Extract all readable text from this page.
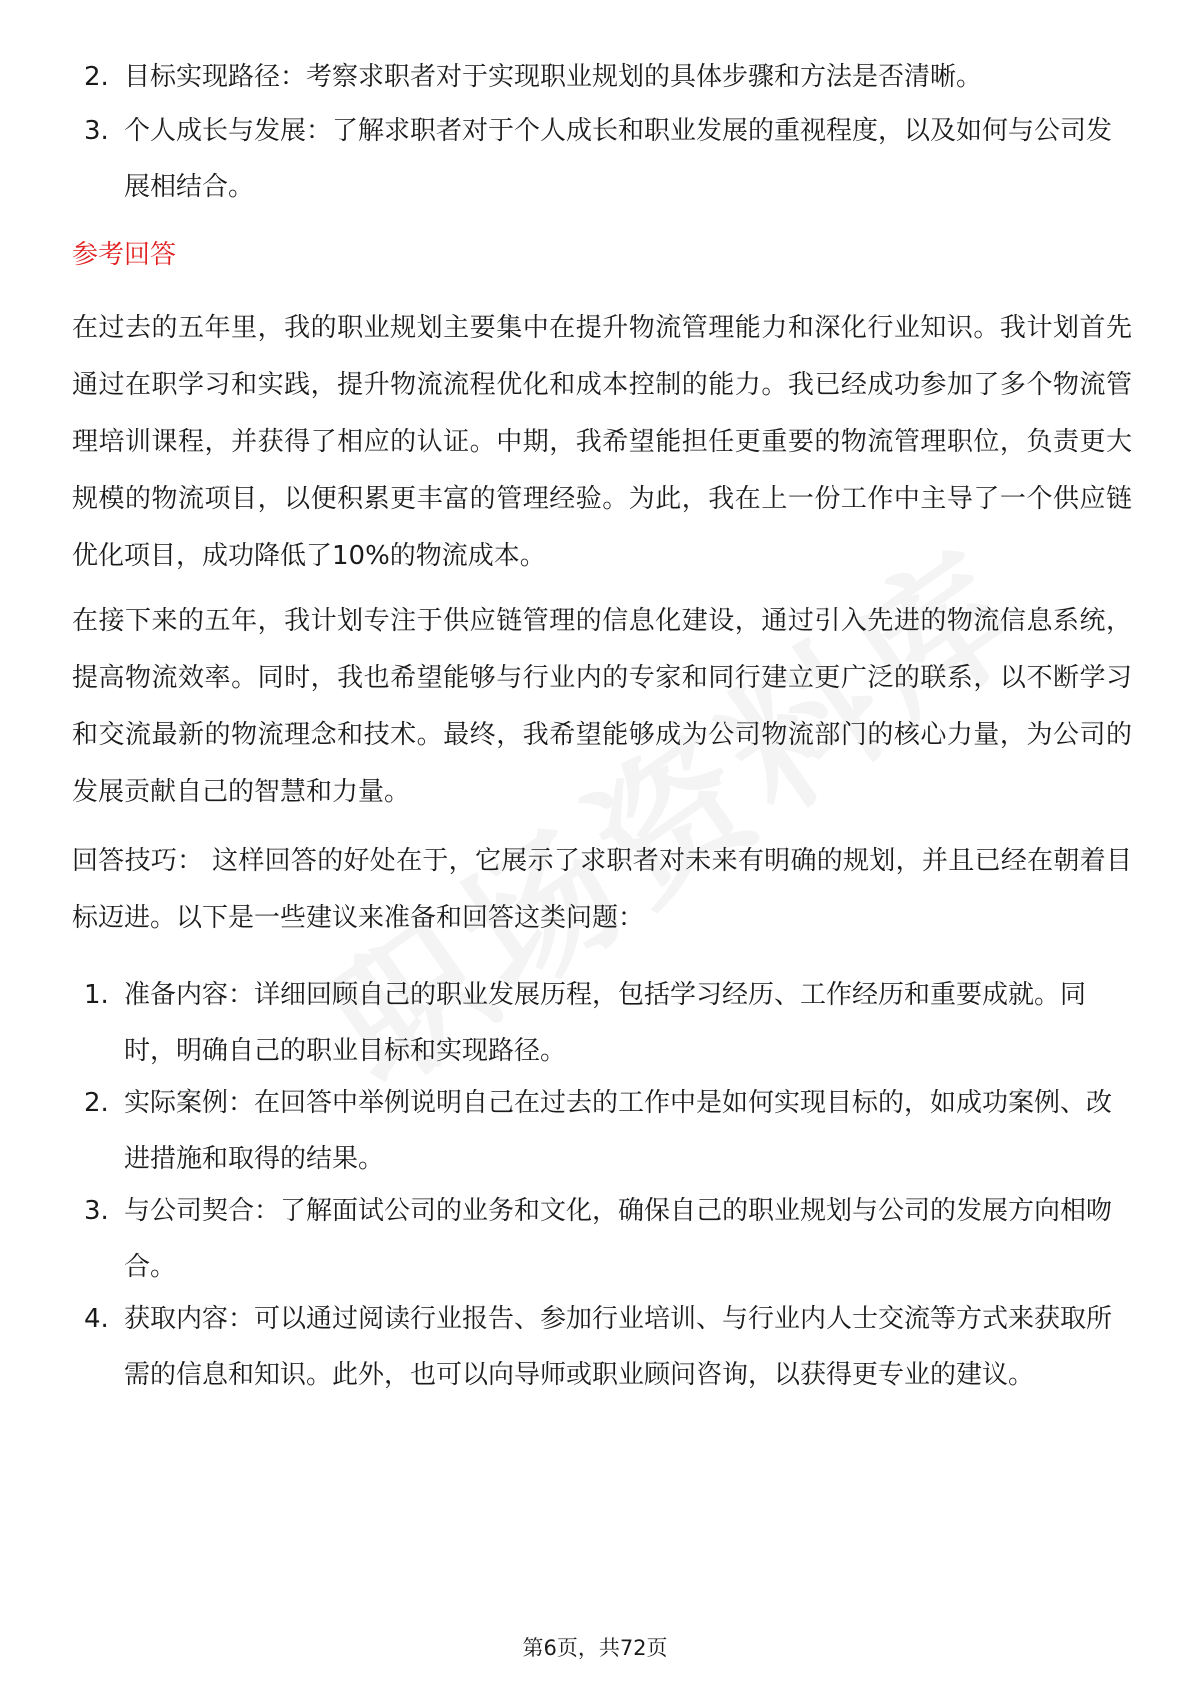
2. 目标实现路径：考察求职者对于实现职业规划的具体步骤和方法是否清晰。
3. 个人成长与发展：了解求职者对于个人成长和职业发展的重视程度，以及如何与公司发展相结合。
参考回答
在过去的五年里，我的职业规划主要集中在提升物流管理能力和深化行业知识。我计划首先通过在职学习和实践，提升物流流程优化和成本控制的能力。我已经成功参加了多个物流管理培训课程，并获得了相应的认证。中期，我希望能担任更重要的物流管理职位，负责更大规模的物流项目，以便积累更丰富的管理经验。为此，我在上一份工作中主导了一个供应链优化项目，成功降低了10%的物流成本。
在接下来的五年，我计划专注于供应链管理的信息化建设，通过引入先进的物流信息系统，提高物流效率。同时，我也希望能够与行业内的专家和同行建立更广泛的联系，以不断学习和交流最新的物流理念和技术。最终，我希望能够成为公司物流部门的核心力量，为公司的发展贡献自己的智慧和力量。
回答技巧： 这样回答的好处在于，它展示了求职者对未来有明确的规划，并且已经在朝着目标迈进。以下是一些建议来准备和回答这类问题：
1. 准备内容：详细回顾自己的职业发展历程，包括学习经历、工作经历和重要成就。同时，明确自己的职业目标和实现路径。
2. 实际案例：在回答中举例说明自己在过去的工作中是如何实现目标的，如成功案例、改进措施和取得的结果。
3. 与公司契合：了解面试公司的业务和文化，确保自己的职业规划与公司的发展方向相吻合。
4. 获取内容：可以通过阅读行业报告、参加行业培训、与行业内人士交流等方式来获取所需的信息和知识。此外，也可以向导师或职业顾问咨询，以获得更专业的建议。
第6页，共72页
